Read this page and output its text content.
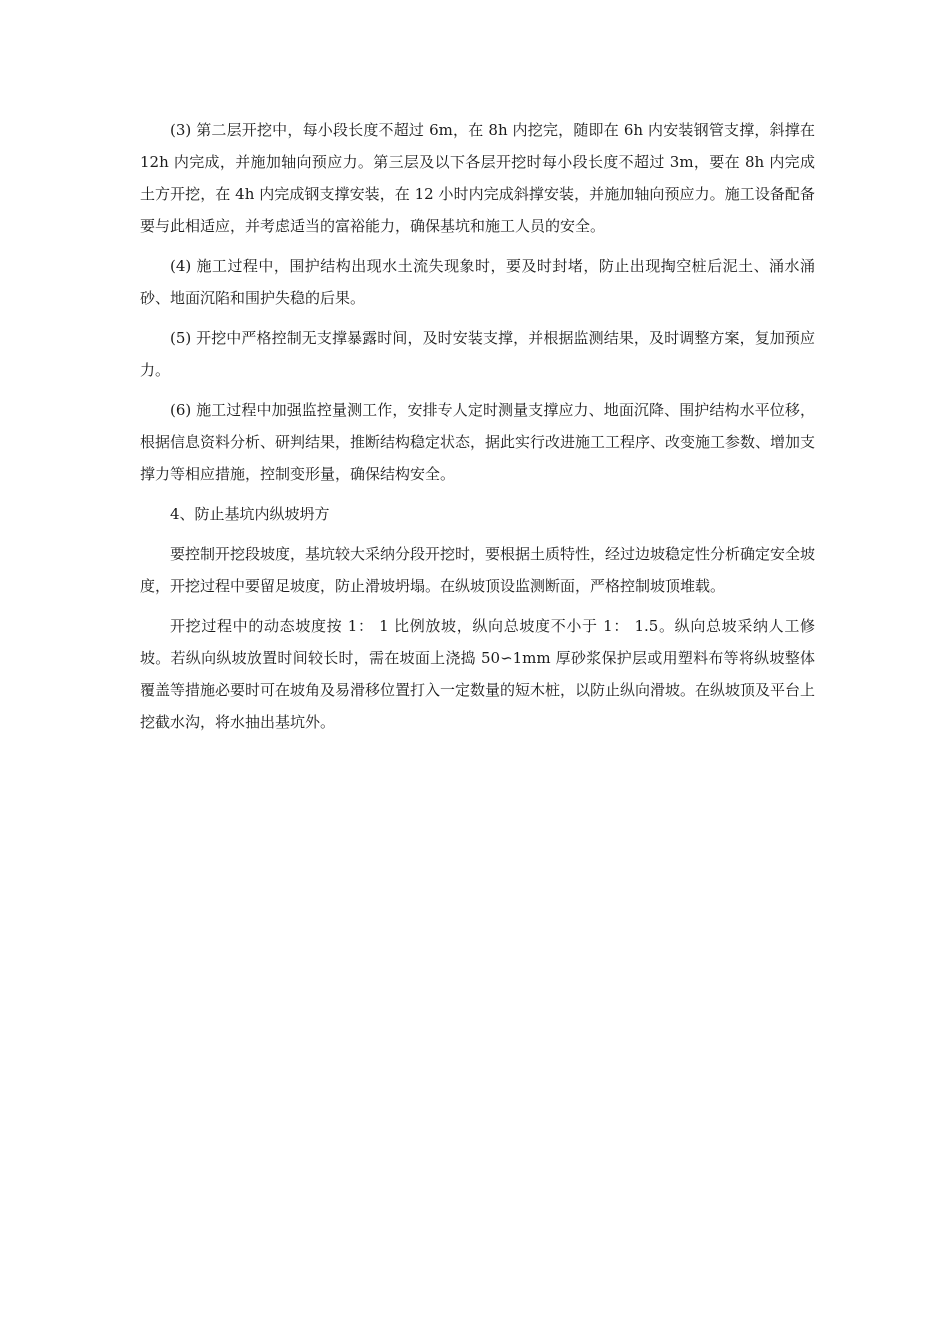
(3) 第二层开挖中，每小段长度不超过 6m，在 8h 内挖完，随即在 6h 内安装钢管支撑，斜撑在 12h 内完成，并施加轴向预应力。第三层及以下各层开挖时每小段长度不超过 3m，要在 8h 内完成土方开挖，在 4h 内完成钢支撑安装，在 12 小时内完成斜撑安装，并施加轴向预应力。施工设备配备要与此相适应，并考虑适当的富裕能力，确保基坑和施工人员的安全。

(4) 施工过程中，围护结构出现水土流失现象时，要及时封堵，防止出现掏空桩后泥土、涌水涌砂、地面沉陷和围护失稳的后果。

(5) 开挖中严格控制无支撑暴露时间，及时安装支撑，并根据监测结果，及时调整方案，复加预应力。

(6) 施工过程中加强监控量测工作，安排专人定时测量支撑应力、地面沉降、围护结构水平位移，根据信息资料分析、研判结果，推断结构稳定状态，据此实行改进施工工程序、改变施工参数、增加支撑力等相应措施，控制变形量，确保结构安全。

4、防止基坑内纵坡坍方

要控制开挖段坡度，基坑较大采纳分段开挖时，要根据土质特性，经过边坡稳定性分析确定安全坡度，开挖过程中要留足坡度，防止滑坡坍塌。在纵坡顶设监测断面，严格控制坡顶堆载。

开挖过程中的动态坡度按 1： 1 比例放坡，纵向总坡度不小于 1： 1.5。纵向总坡采纳人工修坡。若纵向纵坡放置时间较长时，需在坡面上浇捣 50∽1mm 厚砂浆保护层或用塑料布等将纵坡整体覆盖等措施必要时可在坡角及易滑移位置打入一定数量的短木桩，以防止纵向滑坡。在纵坡顶及平台上挖截水沟，将水抽出基坑外。
